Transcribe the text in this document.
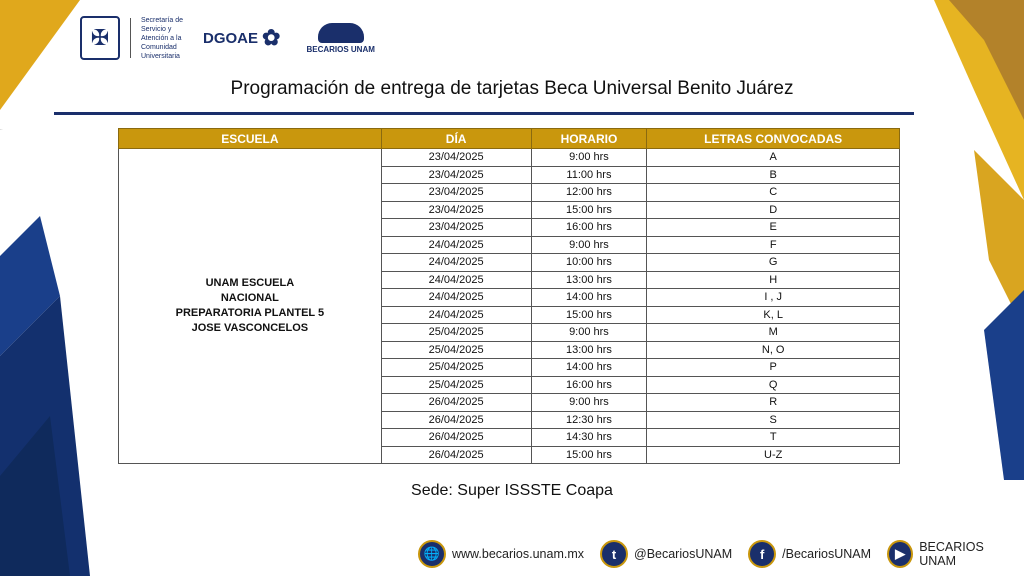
✠
Secretaría de Servicio y Atención a la Comunidad Universitaria
DGOAE ✿	BECARIOS UNAM
Programación de entrega de tarjetas Beca Universal Benito Juárez
ESCUELA	DÍA	HORARIO	LETRAS CONVOCADAS

UNAM ESCUELA
NACIONAL
PREPARATORIA PLANTEL 5
JOSE VASCONCELOS	23/04/2025	9:00 hrs	A
	23/04/2025	11:00 hrs	B
	23/04/2025	12:00 hrs	C
	23/04/2025	15:00 hrs	D
	23/04/2025	16:00 hrs	E
	24/04/2025	9:00 hrs	F
	24/04/2025	10:00 hrs	G
	24/04/2025	13:00 hrs	H
	24/04/2025	14:00 hrs	I , J
	24/04/2025	15:00 hrs	K, L
	25/04/2025	9:00 hrs	M
	25/04/2025	13:00 hrs	N, O
	25/04/2025	14:00 hrs	P
	25/04/2025	16:00 hrs	Q
	26/04/2025	9:00 hrs	R
	26/04/2025	12:30 hrs	S
	26/04/2025	14:30 hrs	T
	26/04/2025	15:00 hrs	U-Z
Sede: Super ISSSTE Coapa
🌐 www.becarios.unam.mx	t	@BecariosUNAM	f	/BecariosUNAM	▶	BECARIOS UNAM
